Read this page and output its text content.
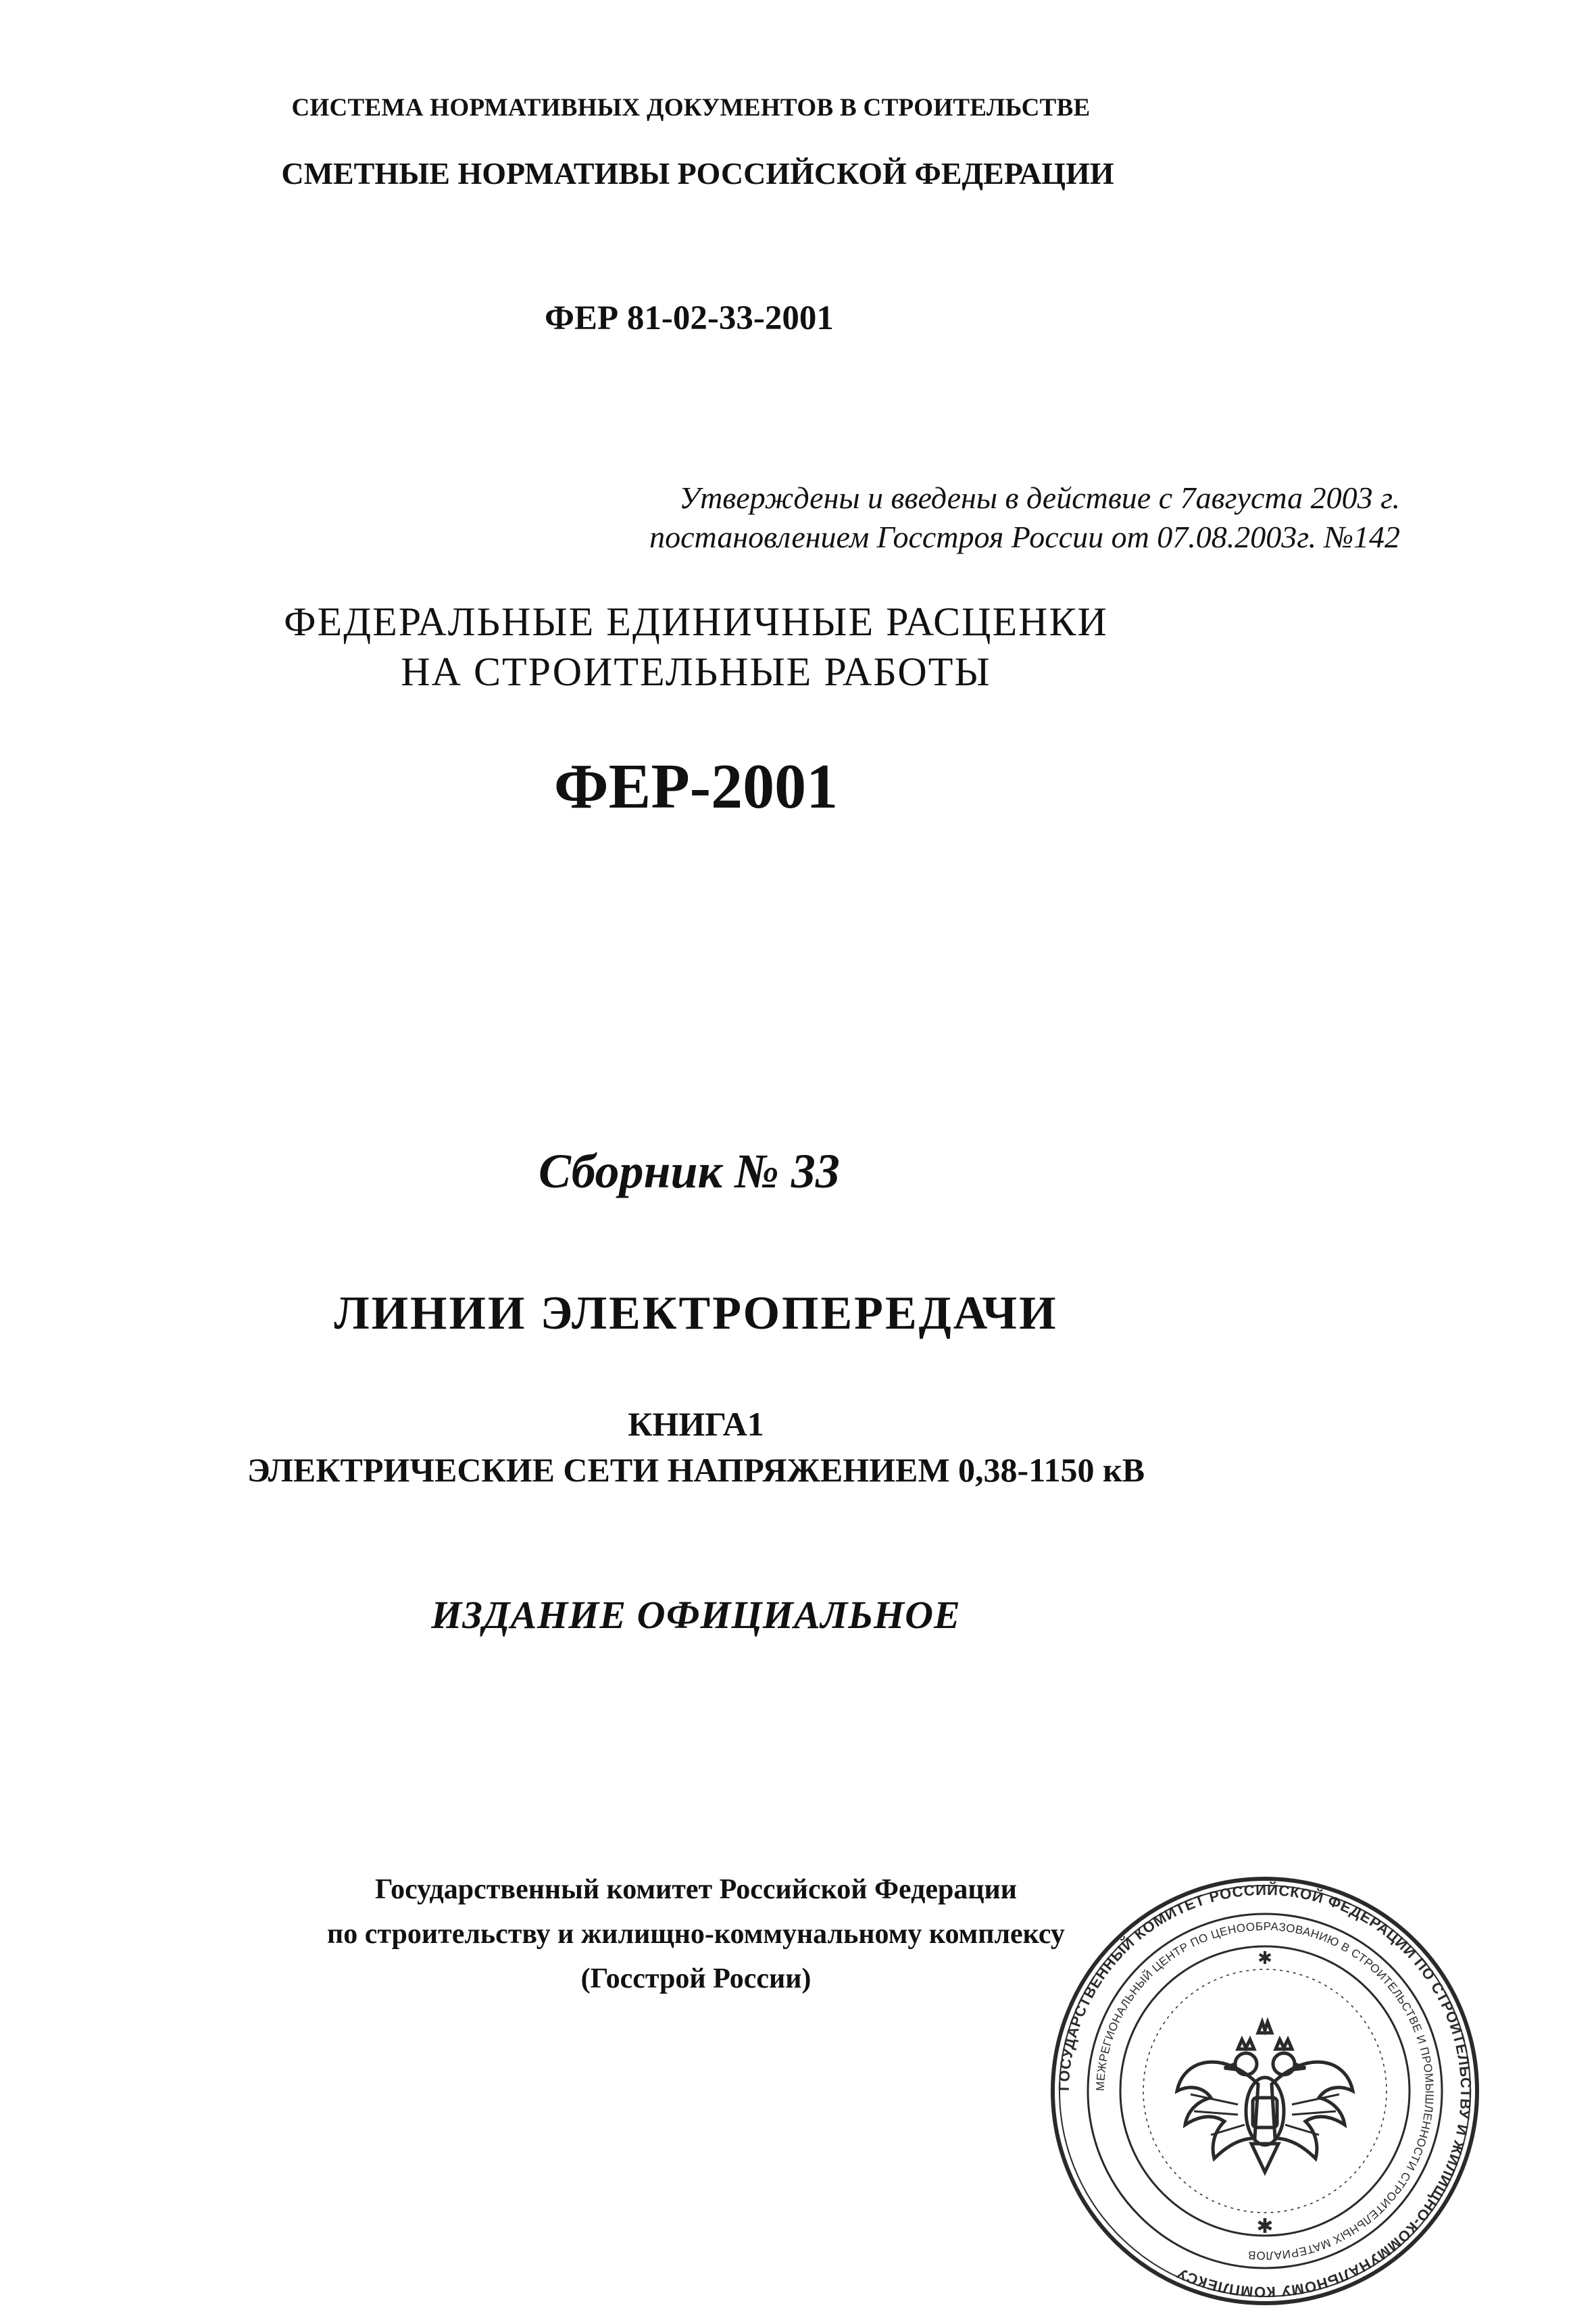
СИСТЕМА НОРМАТИВНЫХ ДОКУМЕНТОВ В СТРОИТЕЛЬСТВЕ
СМЕТНЫЕ НОРМАТИВЫ РОССИЙСКОЙ ФЕДЕРАЦИИ
ФЕР 81-02-33-2001
Утверждены и введены в действие с 7августа 2003 г.
постановлением Госстроя России от 07.08.2003г. №142
ФЕДЕРАЛЬНЫЕ ЕДИНИЧНЫЕ РАСЦЕНКИ
НА СТРОИТЕЛЬНЫЕ РАБОТЫ
ФЕР-2001
Сборник № 33
ЛИНИИ ЭЛЕКТРОПЕРЕДАЧИ
КНИГА1
ЭЛЕКТРИЧЕСКИЕ СЕТИ НАПРЯЖЕНИЕМ 0,38-1150 кВ
ИЗДАНИЕ ОФИЦИАЛЬНОЕ
Государственный комитет Российской Федерации
по строительству и жилищно-коммунальному комплексу
(Госстрой России)
ГОСУДАРСТВЕННЫЙ КОМИТЕТ РОССИЙСКОЙ ФЕДЕРАЦИИ ПО СТРОИТЕЛЬСТВУ И ЖИЛИЩНО-КОММУНАЛЬНОМУ КОМПЛЕКСУ
МЕЖРЕГИОНАЛЬНЫЙ ЦЕНТР ПО ЦЕНООБРАЗОВАНИЮ В СТРОИТЕЛЬСТВЕ И ПРОМЫШЛЕННОСТИ СТРОИТЕЛЬНЫХ МАТЕРИАЛОВ
✱
✱
